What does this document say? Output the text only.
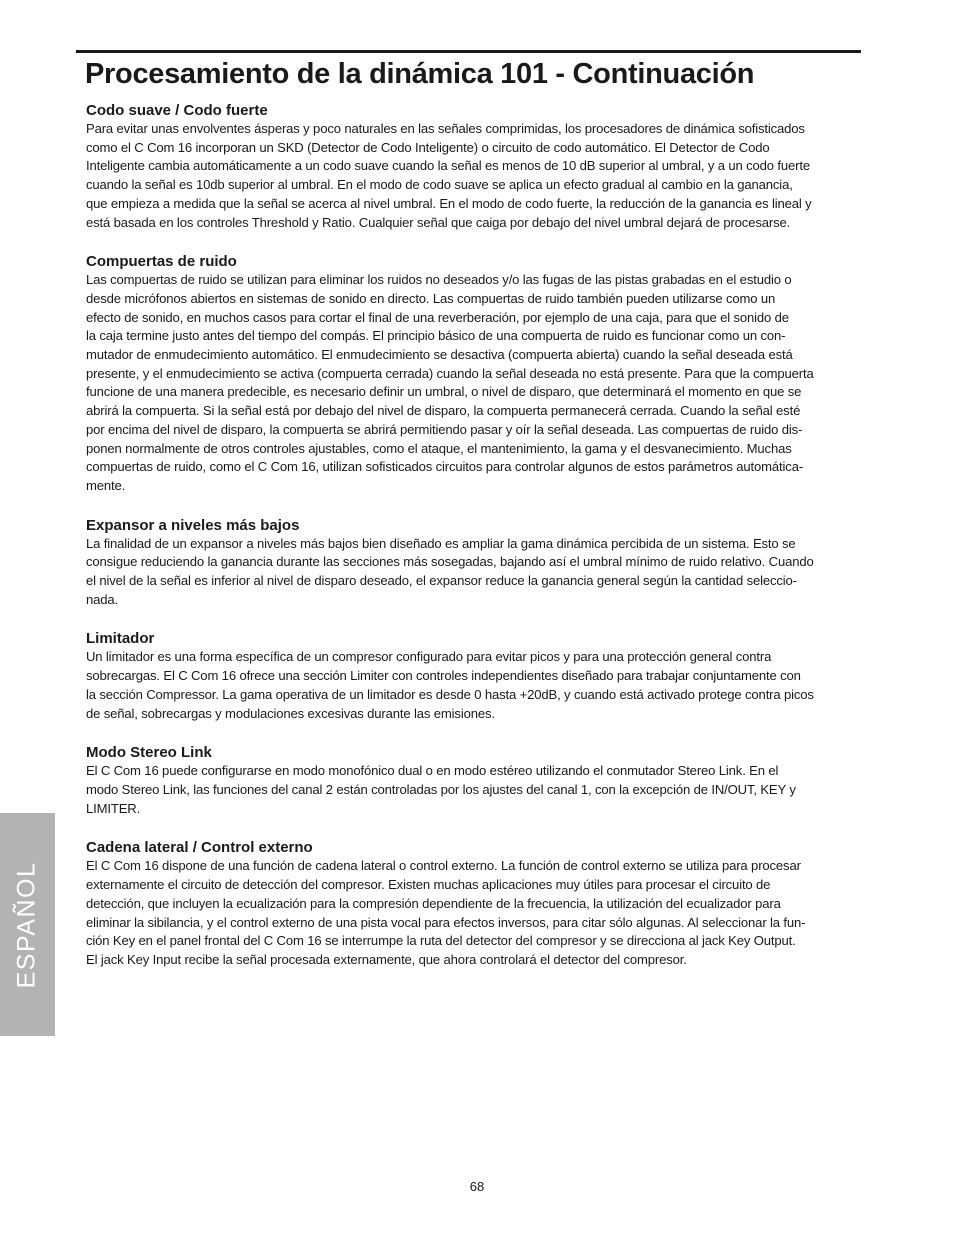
Procesamiento de la dinámica 101 - Continuación
Codo suave / Codo fuerte

Para evitar unas envolventes ásperas y poco naturales en las señales comprimidas, los procesadores de dinámica sofisticados
como el C Com 16 incorporan un SKD (Detector de Codo Inteligente) o circuito de codo automático. El Detector de Codo
Inteligente cambia automáticamente a un codo suave cuando la señal es menos de 10 dB superior al umbral, y a un codo fuerte
cuando la señal es 10db superior al umbral. En el modo de codo suave se aplica un efecto gradual al cambio en la ganancia,
que empieza a medida que la señal se acerca al nivel umbral. En el modo de codo fuerte, la reducción de la ganancia es lineal y
está basada en los controles Threshold y Ratio. Cualquier señal que caiga por debajo del nivel umbral dejará de procesarse.

Compuertas de ruido

Las compuertas de ruido se utilizan para eliminar los ruidos no deseados y/o las fugas de las pistas grabadas en el estudio o
desde micrófonos abiertos en sistemas de sonido en directo. Las compuertas de ruido también pueden utilizarse como un
efecto de sonido, en muchos casos para cortar el final de una reverberación, por ejemplo de una caja, para que el sonido de
la caja termine justo antes del tiempo del compás. El principio básico de una compuerta de ruido es funcionar como un con-
mutador de enmudecimiento automático. El enmudecimiento se desactiva (compuerta abierta) cuando la señal deseada está
presente, y el enmudecimiento se activa (compuerta cerrada) cuando la señal deseada no está presente. Para que la compuerta
funcione de una manera predecible, es necesario definir un umbral, o nivel de disparo, que determinará el momento en que se
abrirá la compuerta. Si la señal está por debajo del nivel de disparo, la compuerta permanecerá cerrada. Cuando la señal esté
por encima del nivel de disparo, la compuerta se abrirá permitiendo pasar y oír la señal deseada. Las compuertas de ruido dis-
ponen normalmente de otros controles ajustables, como el ataque, el mantenimiento, la gama y el desvanecimiento. Muchas
compuertas de ruido, como el C Com 16, utilizan sofisticados circuitos para controlar algunos de estos parámetros automática-
mente.

Expansor a niveles más bajos

La finalidad de un expansor a niveles más bajos bien diseñado es ampliar la gama dinámica percibida de un sistema. Esto se
consigue reduciendo la ganancia durante las secciones más sosegadas, bajando así el umbral mínimo de ruido relativo. Cuando
el nivel de la señal es inferior al nivel de disparo deseado, el expansor reduce la ganancia general según la cantidad seleccio-
nada.

Limitador

Un limitador es una forma específica de un compresor configurado para evitar picos y para una protección general contra
sobrecargas. El C Com 16 ofrece una sección Limiter con controles independientes diseñado para trabajar conjuntamente con
la sección Compressor. La gama operativa de un limitador es desde 0 hasta +20dB, y cuando está activado protege contra picos
de señal, sobrecargas y modulaciones excesivas durante las emisiones.

Modo Stereo Link

El C Com 16 puede configurarse en modo monofónico dual o en modo estéreo utilizando el conmutador Stereo Link. En el
modo Stereo Link, las funciones del canal 2 están controladas por los ajustes del canal 1, con la excepción de IN/OUT, KEY y
LIMITER.

Cadena lateral / Control externo

El C Com 16 dispone de una función de cadena lateral o control externo. La función de control externo se utiliza para procesar
externamente el circuito de detección del compresor. Existen muchas aplicaciones muy útiles para procesar el circuito de
detección, que incluyen la ecualización para la compresión dependiente de la frecuencia, la utilización del ecualizador para
eliminar la sibilancia, y el control externo de una pista vocal para efectos inversos, para citar sólo algunas. Al seleccionar la fun-
ción Key en el panel frontal del C Com 16 se interrumpe la ruta del detector del compresor y se direcciona al jack Key Output.
El jack Key Input recibe la señal procesada externamente, que ahora controlará el detector del compresor.

ESPAÑOL
68
